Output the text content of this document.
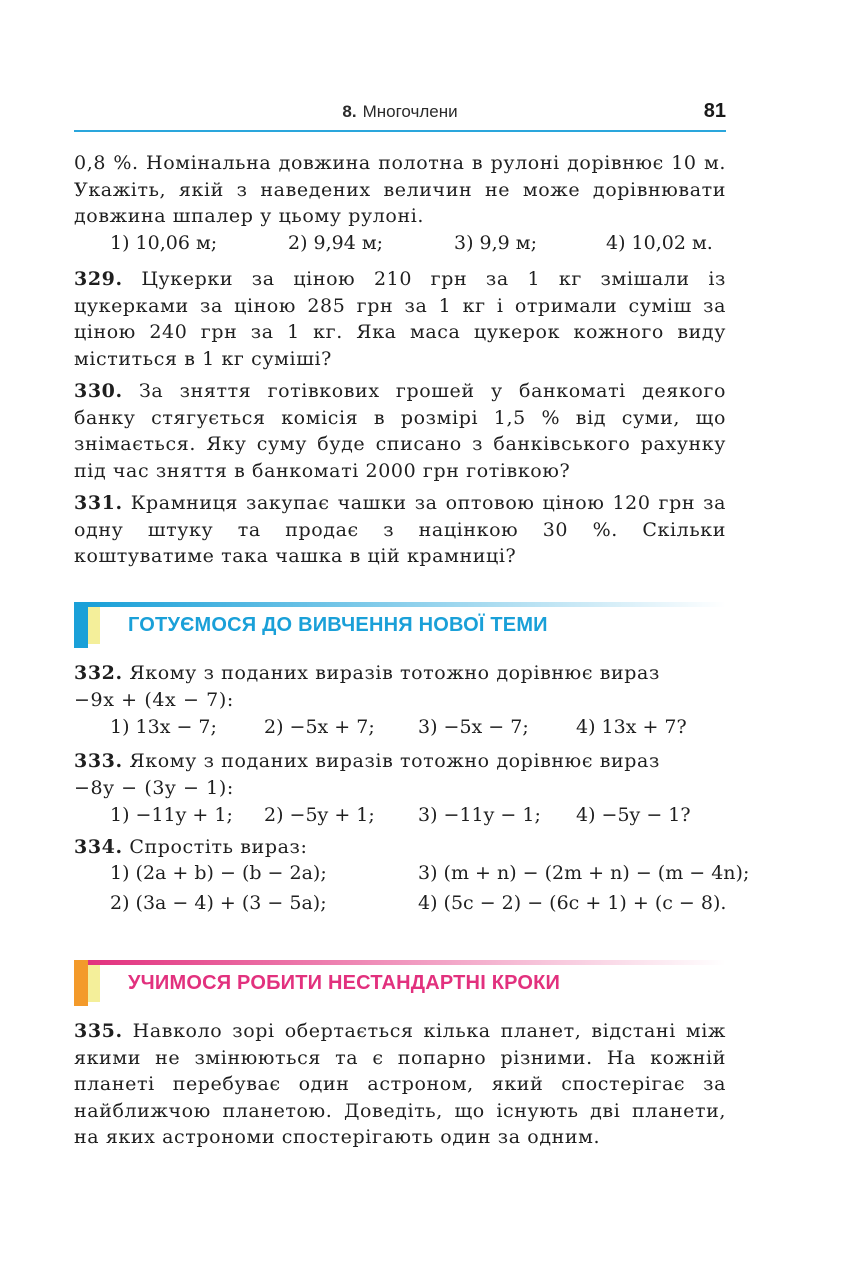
8. Многочлени	81
0,8 %. Номінальна довжина полотна в рулоні дорівнює 10 м. Укажіть, якій з наведених величин не може дорівнювати довжина шпалер у цьому рулоні.
1) 10,06 м;	2) 9,94 м;	3) 9,9 м;	4) 10,02 м.
329. Цукерки за ціною 210 грн за 1 кг змішали із цукерками за ціною 285 грн за 1 кг і отримали суміш за ціною 240 грн за 1 кг. Яка маса цукерок кожного виду міститься в 1 кг суміші?
330. За зняття готівкових грошей у банкоматі деякого банку стягується комісія в розмірі 1,5 % від суми, що знімається. Яку суму буде списано з банківського рахунку під час зняття в банкоматі 2000 грн готівкою?
331. Крамниця закупає чашки за оптовою ціною 120 грн за одну штуку та продає з націнкою 30 %. Скільки коштуватиме така чашка в цій крамниці?
ГОТУЄМОСЯ ДО ВИВЧЕННЯ НОВОЇ ТЕМИ
332. Якому з поданих виразів тотожно дорівнює вираз
−9x + (4x − 7):
1) 13x − 7; 2) −5x + 7; 3) −5x − 7; 4) 13x + 7?
333. Якому з поданих виразів тотожно дорівнює вираз
−8y − (3y − 1):
1) −11y + 1; 2) −5y + 1; 3) −11y − 1; 4) −5y − 1?
334. Спростіть вираз:
1) (2a + b) − (b − 2a);	3) (m + n) − (2m + n) − (m − 4n);
2) (3a − 4) + (3 − 5a);	4) (5c − 2) − (6c + 1) + (c − 8).
УЧИМОСЯ РОБИТИ НЕСТАНДАРТНІ КРОКИ
335. Навколо зорі обертається кілька планет, відстані між якими не змінюються та є попарно різними. На кожній планеті перебуває один астроном, який спостерігає за найближчою планетою. Доведіть, що існують дві планети, на яких астрономи спостерігають один за одним.
